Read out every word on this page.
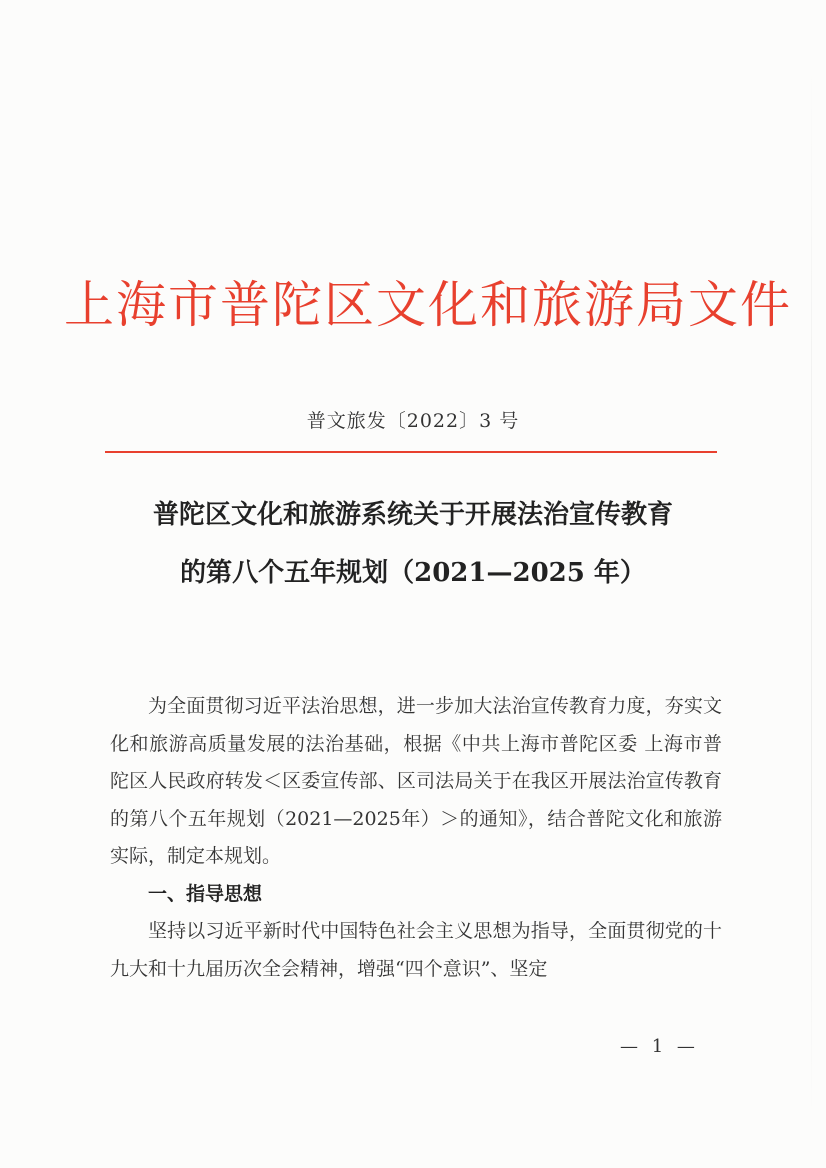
上海市普陀区文化和旅游局文件
普文旅发〔2022〕3 号
普陀区文化和旅游系统关于开展法治宣传教育
的第八个五年规划（2021—2025 年）

为全面贯彻习近平法治思想，进一步加大法治宣传教育力度，夯实文化和旅游高质量发展的法治基础，根据《中共上海市普陀区委 上海市普陀区人民政府转发＜区委宣传部、区司法局关于在我区开展法治宣传教育的第八个五年规划（2021—2025年）＞的通知》，结合普陀文化和旅游实际，制定本规划。

一、指导思想

坚持以习近平新时代中国特色社会主义思想为指导，全面贯彻党的十九大和十九届历次全会精神，增强“四个意识”、坚定

— 1 —
